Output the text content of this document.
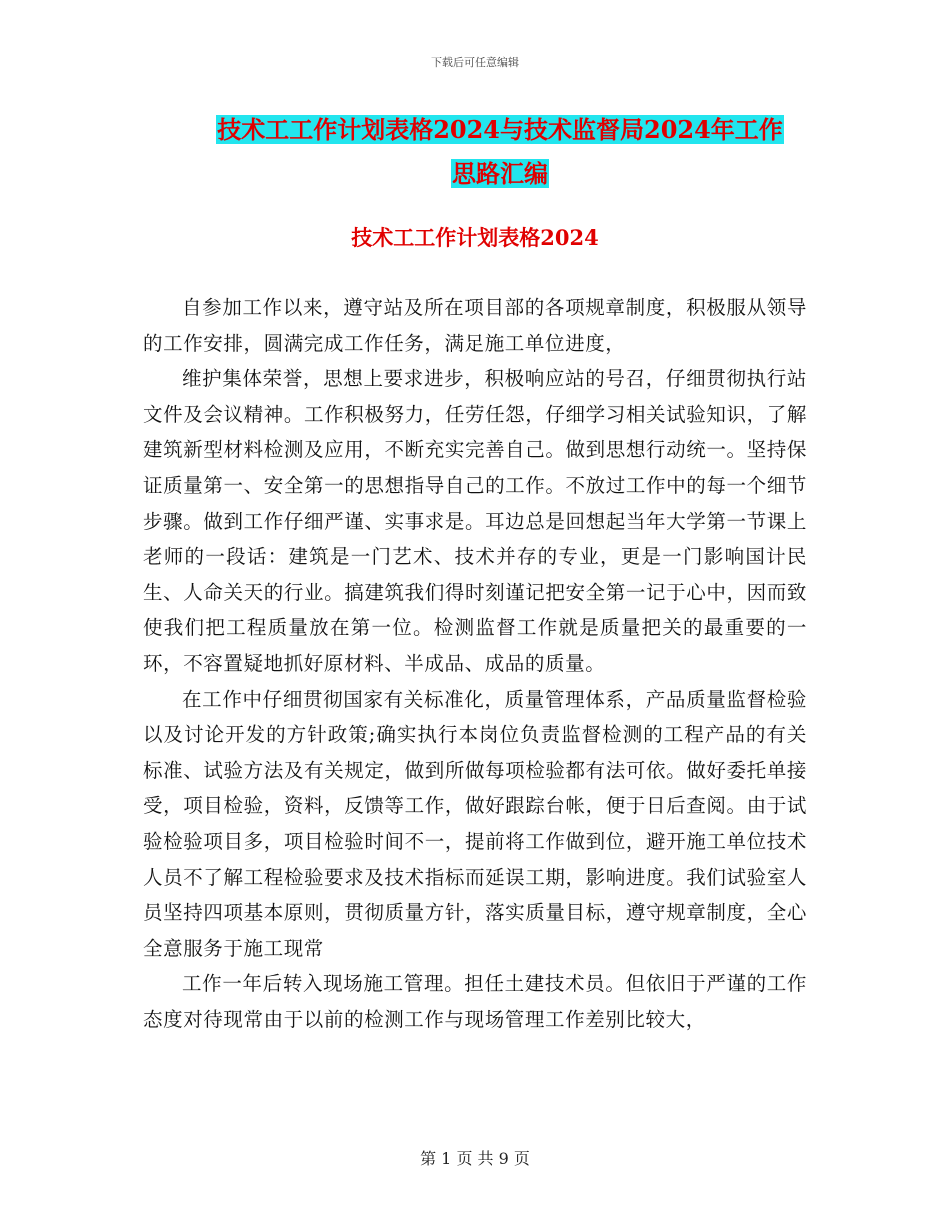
下载后可任意编辑
技术工工作计划表格2024与技术监督局2024年工作
思路汇编
技术工工作计划表格2024

自参加工作以来，遵守站及所在项目部的各项规章制度，积极服从领导的工作安排，圆满完成工作任务，满足施工单位进度，

维护集体荣誉，思想上要求进步，积极响应站的号召，仔细贯彻执行站文件及会议精神。工作积极努力，任劳任怨，仔细学习相关试验知识，了解建筑新型材料检测及应用，不断充实完善自己。做到思想行动统一。坚持保证质量第一、安全第一的思想指导自己的工作。不放过工作中的每一个细节步骤。做到工作仔细严谨、实事求是。耳边总是回想起当年大学第一节课上老师的一段话：建筑是一门艺术、技术并存的专业，更是一门影响国计民生、人命关天的行业。搞建筑我们得时刻谨记把安全第一记于心中，因而致使我们把工程质量放在第一位。检测监督工作就是质量把关的最重要的一环，不容置疑地抓好原材料、半成品、成品的质量。

在工作中仔细贯彻国家有关标准化，质量管理体系，产品质量监督检验以及讨论开发的方针政策;确实执行本岗位负责监督检测的工程产品的有关标准、试验方法及有关规定，做到所做每项检验都有法可依。做好委托单接受，项目检验，资料，反馈等工作，做好跟踪台帐，便于日后查阅。由于试验检验项目多，项目检验时间不一，提前将工作做到位，避开施工单位技术人员不了解工程检验要求及技术指标而延误工期，影响进度。我们试验室人员坚持四项基本原则，贯彻质量方针，落实质量目标，遵守规章制度，全心全意服务于施工现常

工作一年后转入现场施工管理。担任土建技术员。但依旧于严谨的工作态度对待现常由于以前的检测工作与现场管理工作差别比较大，

第 1 页 共 9 页
